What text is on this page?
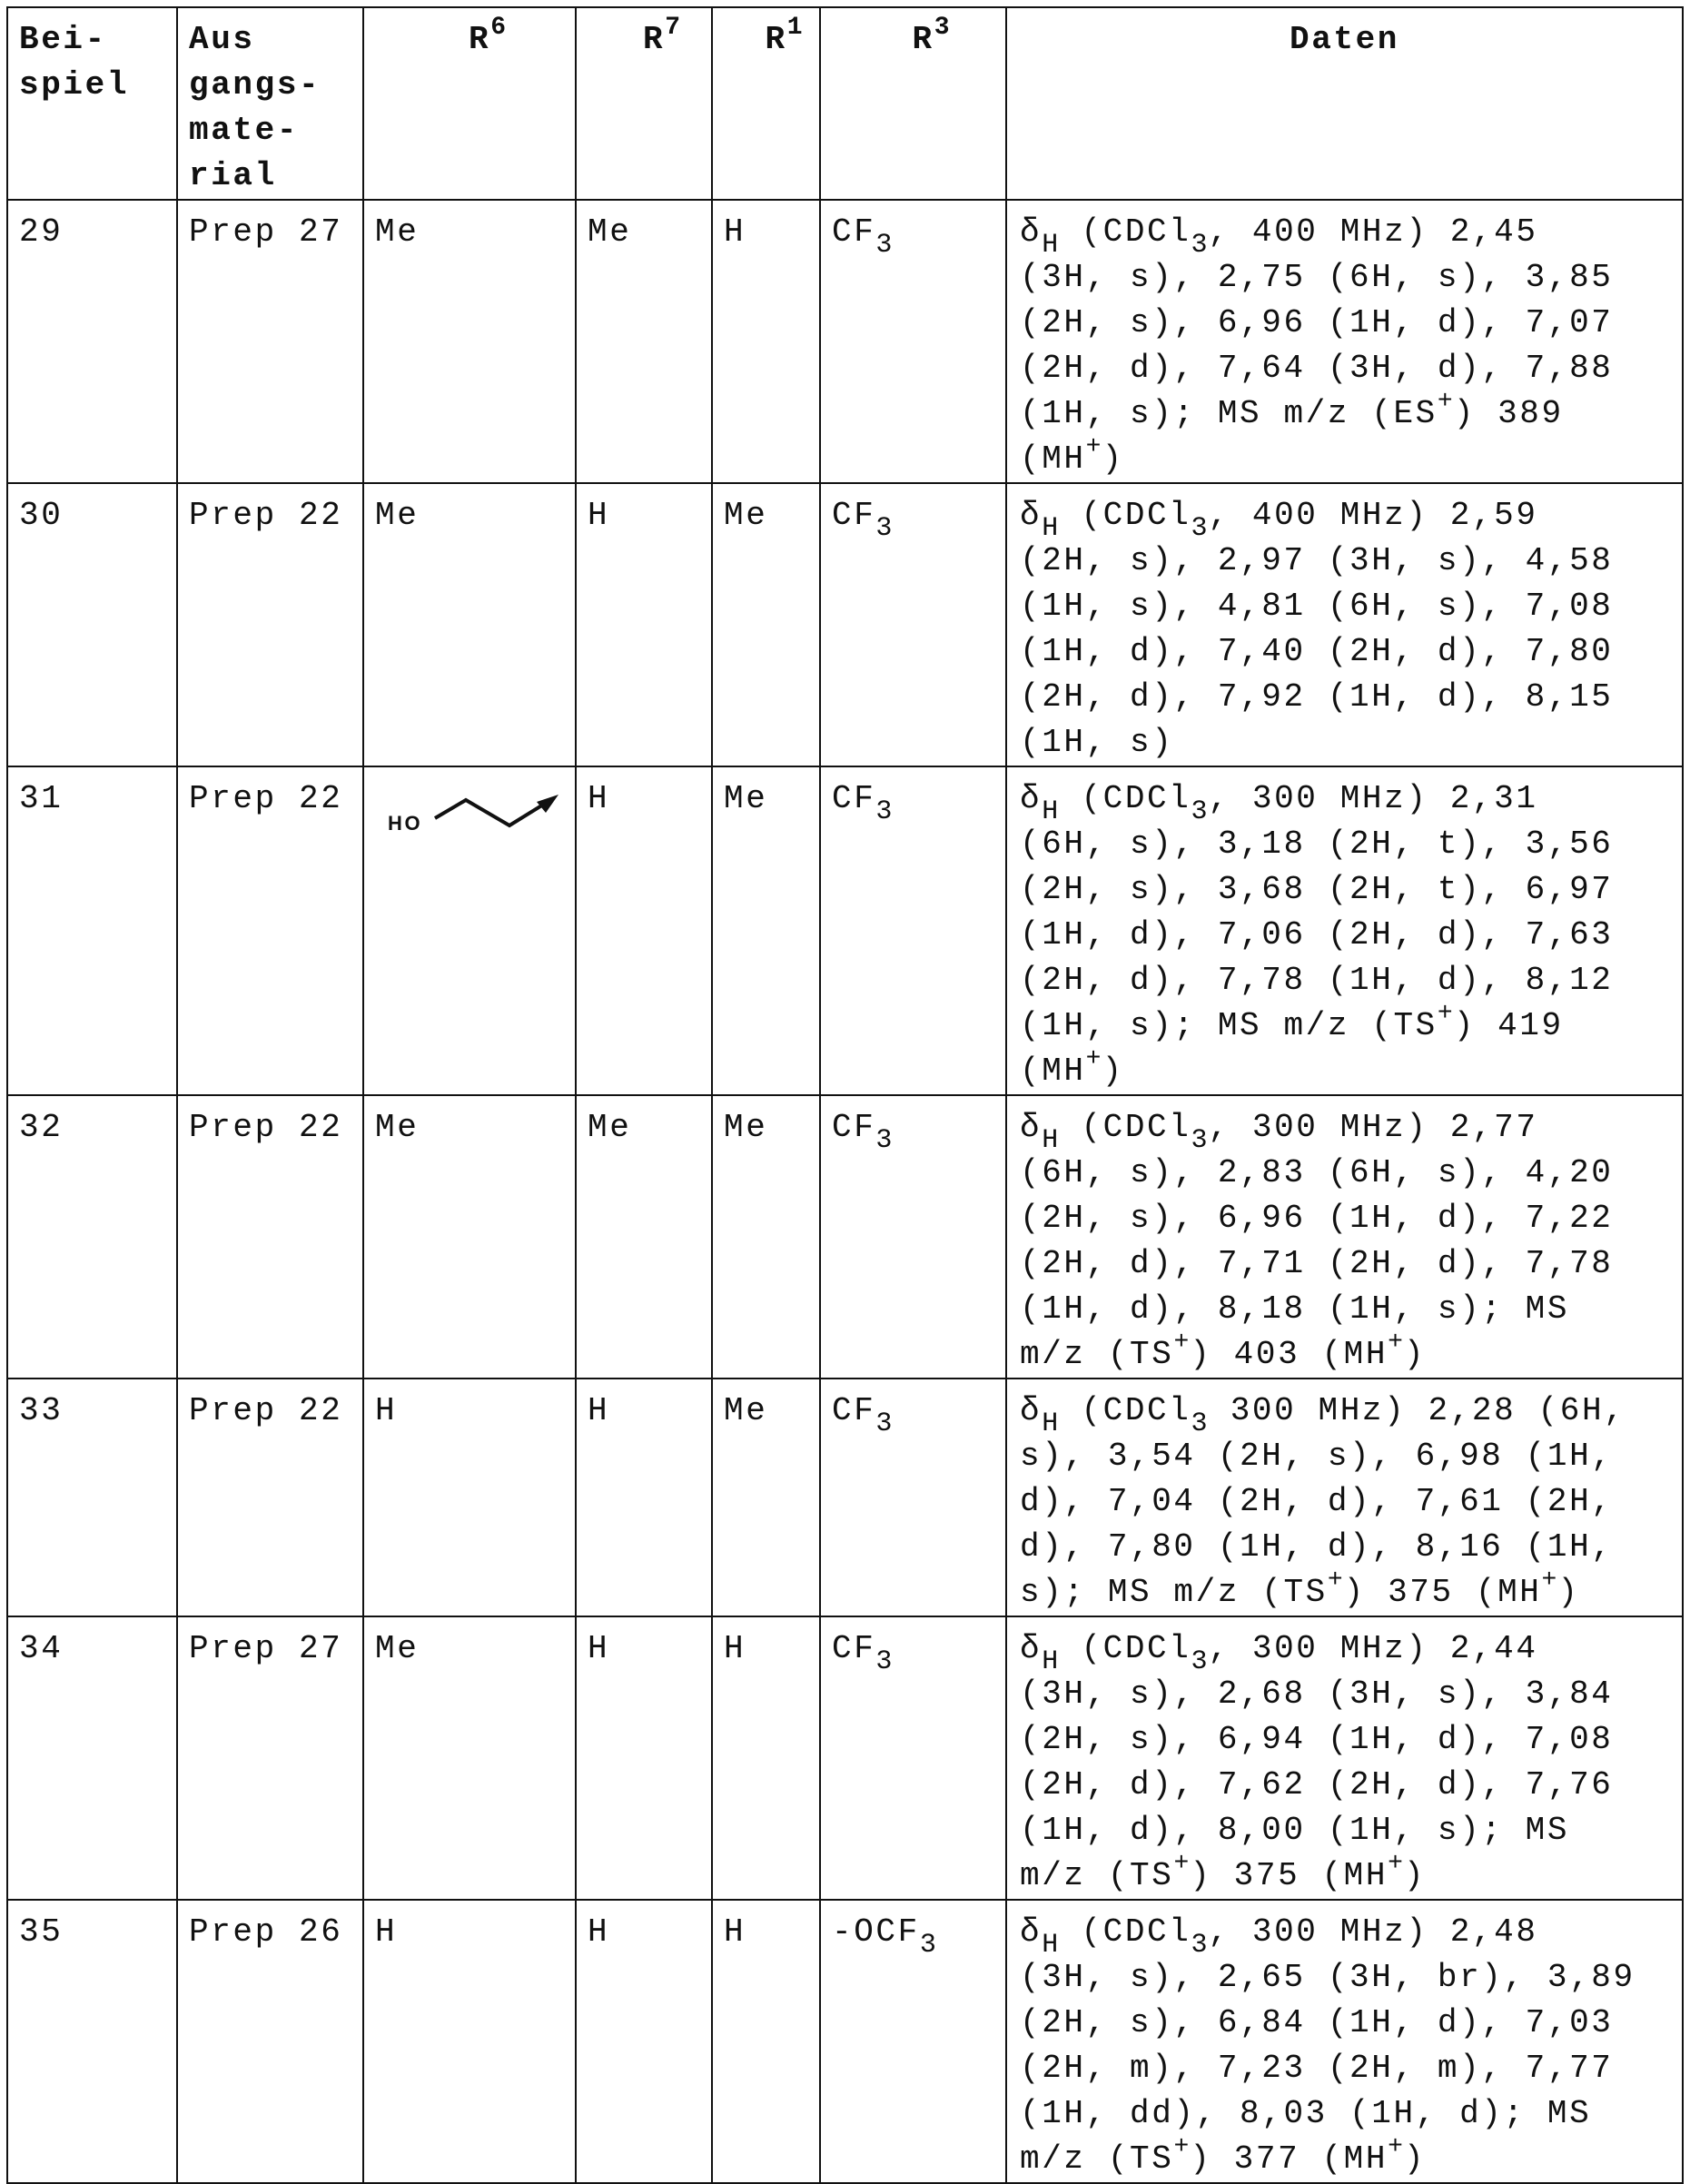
Bei-
spiel

Aus
gangs-
mate-
rial
	R6	R7	R1	R3	Daten
29	Prep 27	Me	Me	H	CF3	δH (CDCl3, 400 MHz) 2,45
(3H, s), 2,75 (6H, s), 3,85
(2H, s), 6,96 (1H, d), 7,07
(2H, d), 7,64 (3H, d), 7,88
(1H, s); MS m/z (ES+) 389
(MH+)

30	Prep 22	Me	H	Me	CF3	δH (CDCl3, 400 MHz) 2,59
(2H, s), 2,97 (3H, s), 4,58
(1H, s), 4,81 (6H, s), 7,08
(1H, d), 7,40 (2H, d), 7,80
(2H, d), 7,92 (1H, d), 8,15
(1H, s)

31	Prep 22	
HO
	H	Me	CF3	δH (CDCl3, 300 MHz) 2,31
(6H, s), 3,18 (2H, t), 3,56
(2H, s), 3,68 (2H, t), 6,97
(1H, d), 7,06 (2H, d), 7,63
(2H, d), 7,78 (1H, d), 8,12
(1H, s); MS m/z (TS+) 419
(MH+)

32	Prep 22	Me	Me	Me	CF3	δH (CDCl3, 300 MHz) 2,77
(6H, s), 2,83 (6H, s), 4,20
(2H, s), 6,96 (1H, d), 7,22
(2H, d), 7,71 (2H, d), 7,78
(1H, d), 8,18 (1H, s); MS
m/z (TS+) 403 (MH+)

33	Prep 22	H	H	Me	CF3	δH (CDCl3 300 MHz) 2,28 (6H,
s), 3,54 (2H, s), 6,98 (1H,
d), 7,04 (2H, d), 7,61 (2H,
d), 7,80 (1H, d), 8,16 (1H,
s); MS m/z (TS+) 375 (MH+)

34	Prep 27	Me	H	H	CF3	δH (CDCl3, 300 MHz) 2,44
(3H, s), 2,68 (3H, s), 3,84
(2H, s), 6,94 (1H, d), 7,08
(2H, d), 7,62 (2H, d), 7,76
(1H, d), 8,00 (1H, s); MS
m/z (TS+) 375 (MH+)

35	Prep 26	H	H	H	-OCF3	δH (CDCl3, 300 MHz) 2,48
(3H, s), 2,65 (3H, br), 3,89
(2H, s), 6,84 (1H, d), 7,03
(2H, m), 7,23 (2H, m), 7,77
(1H, dd), 8,03 (1H, d); MS
m/z (TS+) 377 (MH+)
